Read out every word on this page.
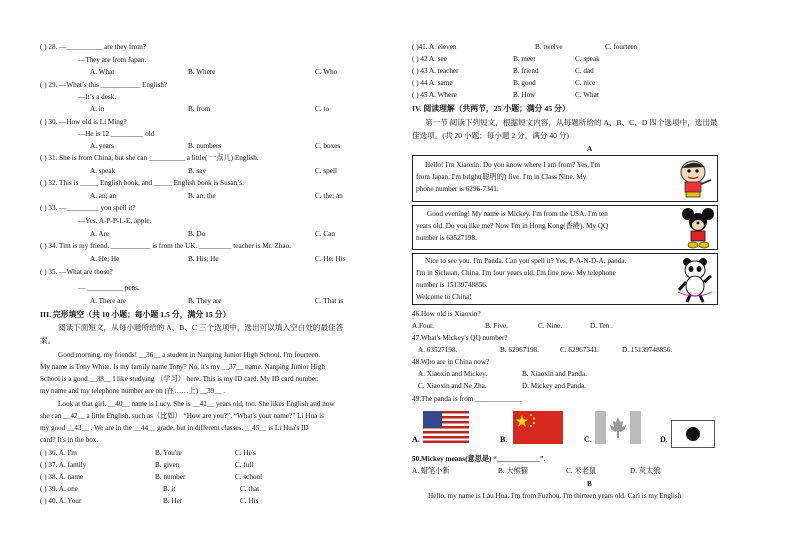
( ) 28. —__________ are they from?
—They are from Japan.
A. What	B. Where	C. Who
( ) 29. —What’s this ___________ English?
—It’s a desk.
A. in	B. from	C. to
( ) 30. —How old is Li Ming?
—He is 12 _________ old
A. years	B. numbers	C. boxes
( ) 31. She is from China, but she can __________ a little( 一点儿) English.
A. speak	B. say	C. spell
( ) 32. This is _____ English book, and _____ English book is Susan’s.
A. an; an	B. an; the	C. the; an
( ) 33. —_________ you spell it?
—Yes. A-P-P-L-E, apple.
A. Are	B. Do	C. Can
( ) 34. Tim is my friend. ___________ is from the UK. _________ teacher is Mr. Zhao.
A. He; He	B. His; He	C. He; His
( ) 35. —What are those?
— __________ pens.
A. There are	B. They are	C. That is
III. 完形填空（共 10 小题；每小题 1.5 分，满分 15 分）
阅读下面短文，从每小题所给的 A、B、C 三个选项中，选出可以填入空白处的最佳答
案。
Good morning, my friends! __36__ a student in Nanping Junior High School. I'm fourteen.
My name is Tony White. Is my family name Tony? No, it's my __37__ name. Nanping Junior High
School is a good __38__ I like studying （学习） here. This is my ID card. My ID card number,
my name and my telephone number are on (在……上) __39__ .
Look at that girl. __40__ name is Lucy. She is __41__ years old, too. She likes English and now
she can __42__ a little English, such as（比如） “How are you?”, “What's your name?” Li Hua is
my good __43__ . We are in the __44__ grade, but in different classes. __45__ is Li Hua's ID
card? It's in the box.
( ) 36. A. I'm	B. You're	C. He's
( ) 37. A. family	B. given	C. full
( ) 38. A. name	B. number	C. school
( ) 39. A. one	B. it	C. that
( ) 40. A. Your	B. Her	C. His
( )41. A. eleven	B. twelve	C. fourteen
( ) 42 A. see	B. meet	C. speak
( ) 43 A. teacher	B. friend	C. dad
( ) 44 A. same	B. good	C. nice
( ) 45 A. Where	B. How	C. What
IV. 阅读理解（共两节，25 小题；满分 45 分）
第一节 阅读下列短文，根据短文内容，从每题所给的 A、B、C、D 四个选项中，选出最
佳选项。(共 20 小题；每小题 2 分，满分 40 分)
A
Hello! I'm Xiaoxin. Do you know where I am from? Yes, I'm
from Japan. I'm bright(聪明的) five. I'm in Class Nine. My
phone number is 6296-7341.
Good evening! My name is Mickey. I'm from the USA. I'm ten
years old. Do you like me? Now I'm in Hong Kong(香港). My QQ
number is 63527198.
Nice to see you. I'm Panda. Can you spell it? Yes, P-A-N-D-A, panda.
I'm in Sichuan, China. I'm four years old. I'm fine now. My telephone
number is 15139748856.
Welcome to China!
46.How old is Xiaoxin?
A.Four.	B. Five.	C. Nine.	D. Ten .
47.What's Mickey's QQ number?
A. 63527198.	B. 62967198.	C. 62967341.	D. 15139748856.
48.Who are in China now?
A. Xiaoxin and Mickey.	B. Xiaoxin and Panda.
C. Xiaoxin and Ne Zha.	D. Mickey and Panda.
49.The panda is from _____________
A.	B.	C.	D.
50.Mickey means(意思是) “____________”.
A. 蜡笔小新	B. 大熊猫	C. 米老鼠	D. 灰太狼
B
Hello, my name is Lau Hua. I'm from Fuzhou. I'm thirteen years old. Carl is my English
